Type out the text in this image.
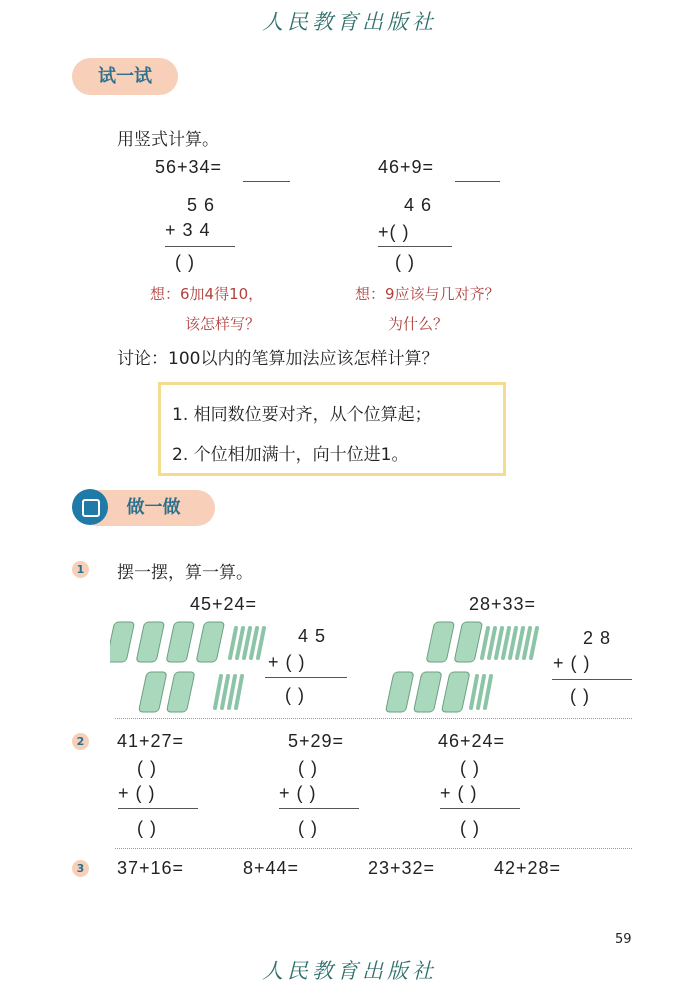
人民教育出版社
试一试
用竖式计算。
56+34=
5 6
+ 3 4
( )
想：6加4得10，
该怎样写？
46+9=
4 6
+( )
( )
想：9应该与几对齐？
为什么？
讨论：100以内的笔算加法应该怎样计算？
1. 相同数位要对齐，从个位算起；
2. 个位相加满十，向十位进1。
做一做
1 摆一摆，算一算。
45+24=
4 5
+ ( )
( )
28+33=
2 8
+ ( )
( )
2 41+27=
( )
+ ( )
( )
5+29=
( )
+ ( )
( )
46+24=
( )
+ ( )
( )
3 37+16=	8+44=	23+32=	42+28=
59
人民教育出版社
